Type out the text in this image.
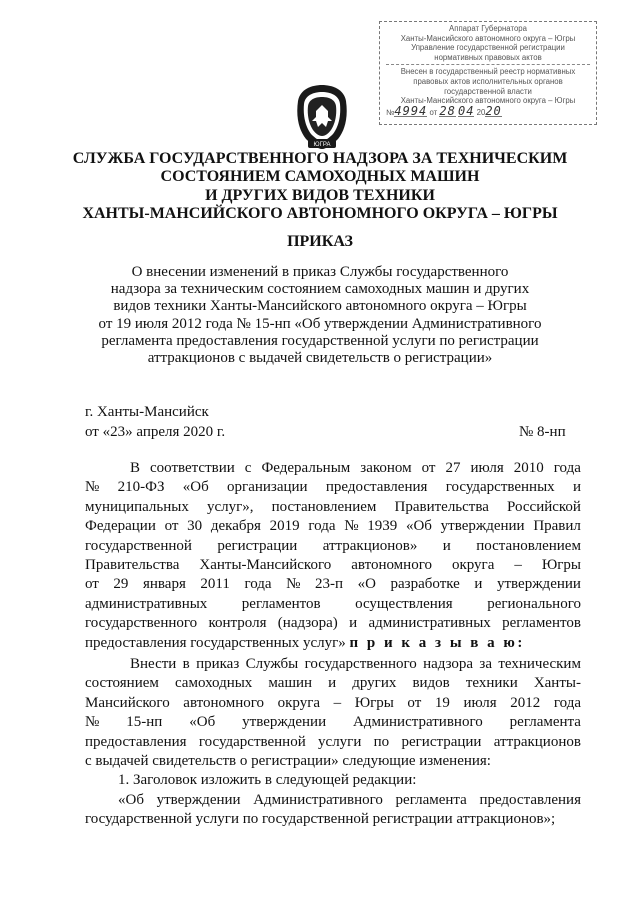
Аппарат Губернатора
Ханты-Мансийского автономного округа – Югры
Управление государственной регистрации
нормативных правовых актов
Внесен в государственный реестр нормативных
правовых актов исполнительных органов
государственной власти
Ханты-Мансийского автономного округа – Югры
№4994 от 28 04 2020
ЮГРА
СЛУЖБА ГОСУДАРСТВЕННОГО НАДЗОРА ЗА ТЕХНИЧЕСКИМ
СОСТОЯНИЕМ САМОХОДНЫХ МАШИН
И ДРУГИХ ВИДОВ ТЕХНИКИ
ХАНТЫ-МАНСИЙСКОГО АВТОНОМНОГО ОКРУГА – ЮГРЫ
ПРИКАЗ
О внесении изменений в приказ Службы государственного
надзора за техническим состоянием самоходных машин и других
видов техники Ханты-Мансийского автономного округа – Югры
от 19 июля 2012 года № 15-нп «Об утверждении Административного
регламента предоставления государственной услуги по регистрации
аттракционов с выдачей свидетельств о регистрации»
г. Ханты-Мансийск
от «23» апреля 2020 г.	№ 8-нп
В соответствии с Федеральным законом от 27 июля 2010 года
№ 210-ФЗ «Об организации предоставления государственных и
муниципальных услуг», постановлением Правительства Российской
Федерации от 30 декабря 2019 года № 1939 «Об утверждении Правил
государственной регистрации аттракционов» и постановлением
Правительства Ханты-Мансийского автономного округа – Югры
от 29 января 2011 года № 23-п «О разработке и утверждении
административных регламентов осуществления регионального
государственного контроля (надзора) и административных регламентов
предоставления государственных услуг» п р и к а з ы в а ю:
Внести в приказ Службы государственного надзора за техническим
состоянием самоходных машин и других видов техники Ханты-
Мансийского автономного округа – Югры от 19 июля 2012 года
№ 15-нп «Об утверждении Административного регламента
предоставления государственной услуги по регистрации аттракционов
с выдачей свидетельств о регистрации» следующие изменения:
1. Заголовок изложить в следующей редакции:
«Об утверждении Административного регламента предоставления
государственной услуги по государственной регистрации аттракционов»;
